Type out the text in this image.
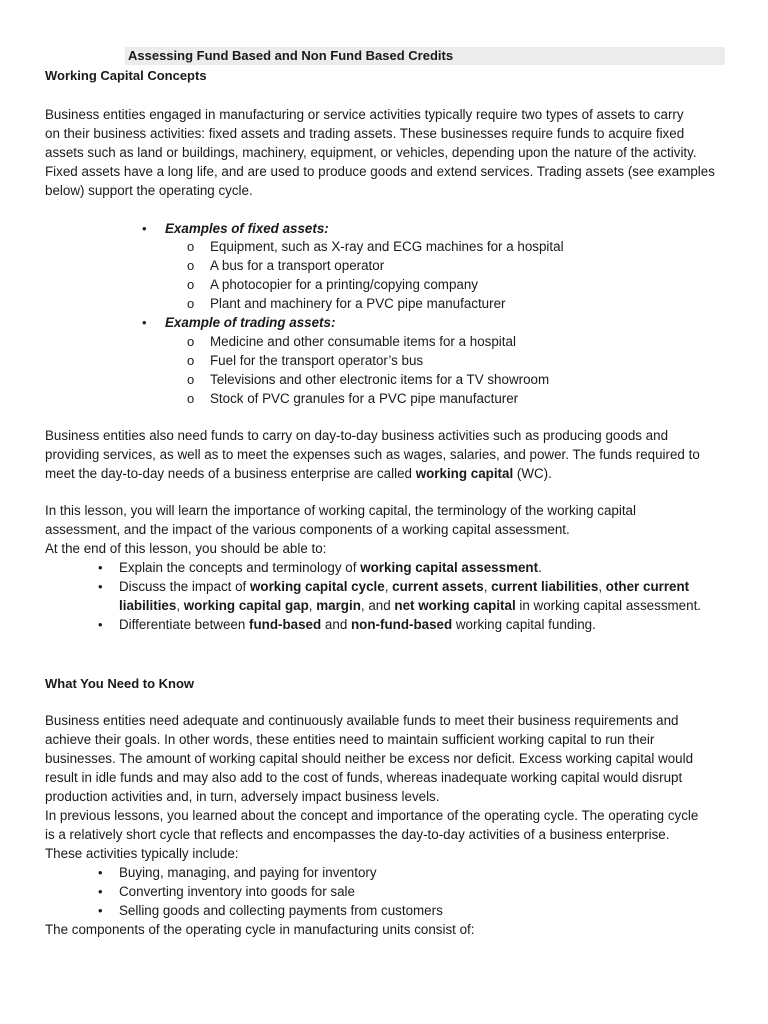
Assessing Fund Based and Non Fund Based Credits
Working Capital Concepts

Business entities engaged in manufacturing or service activities typically require two types of assets to carry
on their business activities: fixed assets and trading assets. These businesses require funds to acquire fixed
assets such as land or buildings, machinery, equipment, or vehicles, depending upon the nature of the activity.
Fixed assets have a long life, and are used to produce goods and extend services. Trading assets (see examples
below) support the operating cycle.

• Examples of fixed assets:
o Equipment, such as X-ray and ECG machines for a hospital
o A bus for a transport operator
o A photocopier for a printing/copying company
o Plant and machinery for a PVC pipe manufacturer
• Example of trading assets:
o Medicine and other consumable items for a hospital
o Fuel for the transport operator’s bus
o Televisions and other electronic items for a TV showroom
o Stock of PVC granules for a PVC pipe manufacturer

Business entities also need funds to carry on day-to-day business activities such as producing goods and
providing services, as well as to meet the expenses such as wages, salaries, and power. The funds required to
meet the day-to-day needs of a business enterprise are called working capital (WC).

In this lesson, you will learn the importance of working capital, the terminology of the working capital
assessment, and the impact of the various components of a working capital assessment.
At the end of this lesson, you should be able to:

• Explain the concepts and terminology of working capital assessment.
• Discuss the impact of working capital cycle, current assets, current liabilities, other current
liabilities, working capital gap, margin, and net working capital in working capital assessment.
• Differentiate between fund-based and non-fund-based working capital funding.
What You Need to Know

Business entities need adequate and continuously available funds to meet their business requirements and
achieve their goals. In other words, these entities need to maintain sufficient working capital to run their
businesses. The amount of working capital should neither be excess nor deficit. Excess working capital would
result in idle funds and may also add to the cost of funds, whereas inadequate working capital would disrupt
production activities and, in turn, adversely impact business levels.
In previous lessons, you learned about the concept and importance of the operating cycle. The operating cycle
is a relatively short cycle that reflects and encompasses the day-to-day activities of a business enterprise.
These activities typically include:

• Buying, managing, and paying for inventory
• Converting inventory into goods for sale
• Selling goods and collecting payments from customers
The components of the operating cycle in manufacturing units consist of:
